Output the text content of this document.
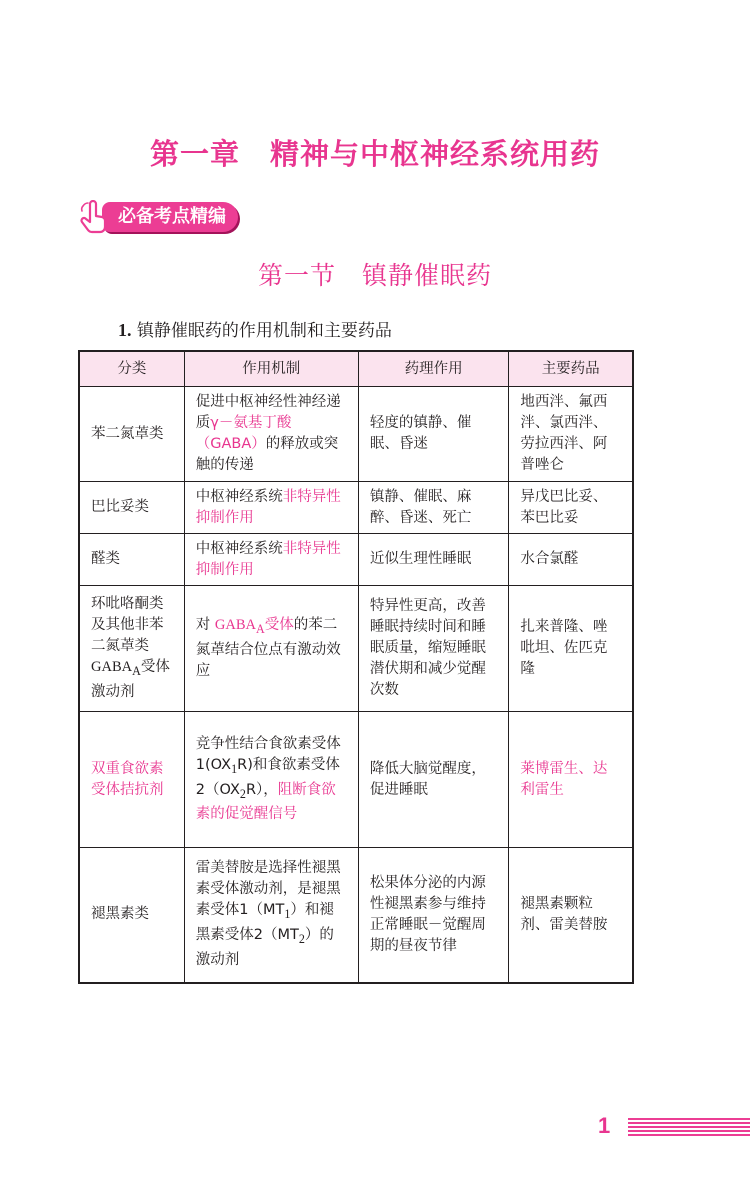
第一章　精神与中枢神经系统用药
必备考点精编
第一节　镇静催眠药
1. 镇静催眠药的作用机制和主要药品
分类	作用机制	药理作用	主要药品
苯二氮䓬类	促进中枢神经性神经递质γ－氨基丁酸（GABA）的释放或突触的传递	轻度的镇静、催眠、昏迷	地西泮、氟西泮、氯西泮、劳拉西泮、阿普唑仑
巴比妥类	中枢神经系统非特异性抑制作用	镇静、催眠、麻醉、昏迷、死亡	异戊巴比妥、苯巴比妥
醛类	中枢神经系统非特异性抑制作用	近似生理性睡眠	水合氯醛
环吡咯酮类及其他非苯二氮䓬类$GABA_A$受体激动剂	对 $GABA_A$受体的苯二氮䓬结合位点有激动效应	特异性更高，改善睡眠持续时间和睡眠质量，缩短睡眠潜伏期和减少觉醒次数	扎来普隆、唑吡坦、佐匹克隆
双重食欲素受体拮抗剂	竞争性结合食欲素受体$1(OX_1R)$和食欲素受体$2(OX_2R)$，阻断食欲素的促觉醒信号	降低大脑觉醒度，促进睡眠	莱博雷生、达利雷生
褪黑素类	雷美替胺是选择性褪黑素受体激动剂，是褪黑素受体$1(MT_1)$和褪黑素受体$2(MT_2)$的激动剂	松果体分泌的内源性褪黑素参与维持正常睡眠－觉醒周期的昼夜节律	褪黑素颗粒剂、雷美替胺
1
